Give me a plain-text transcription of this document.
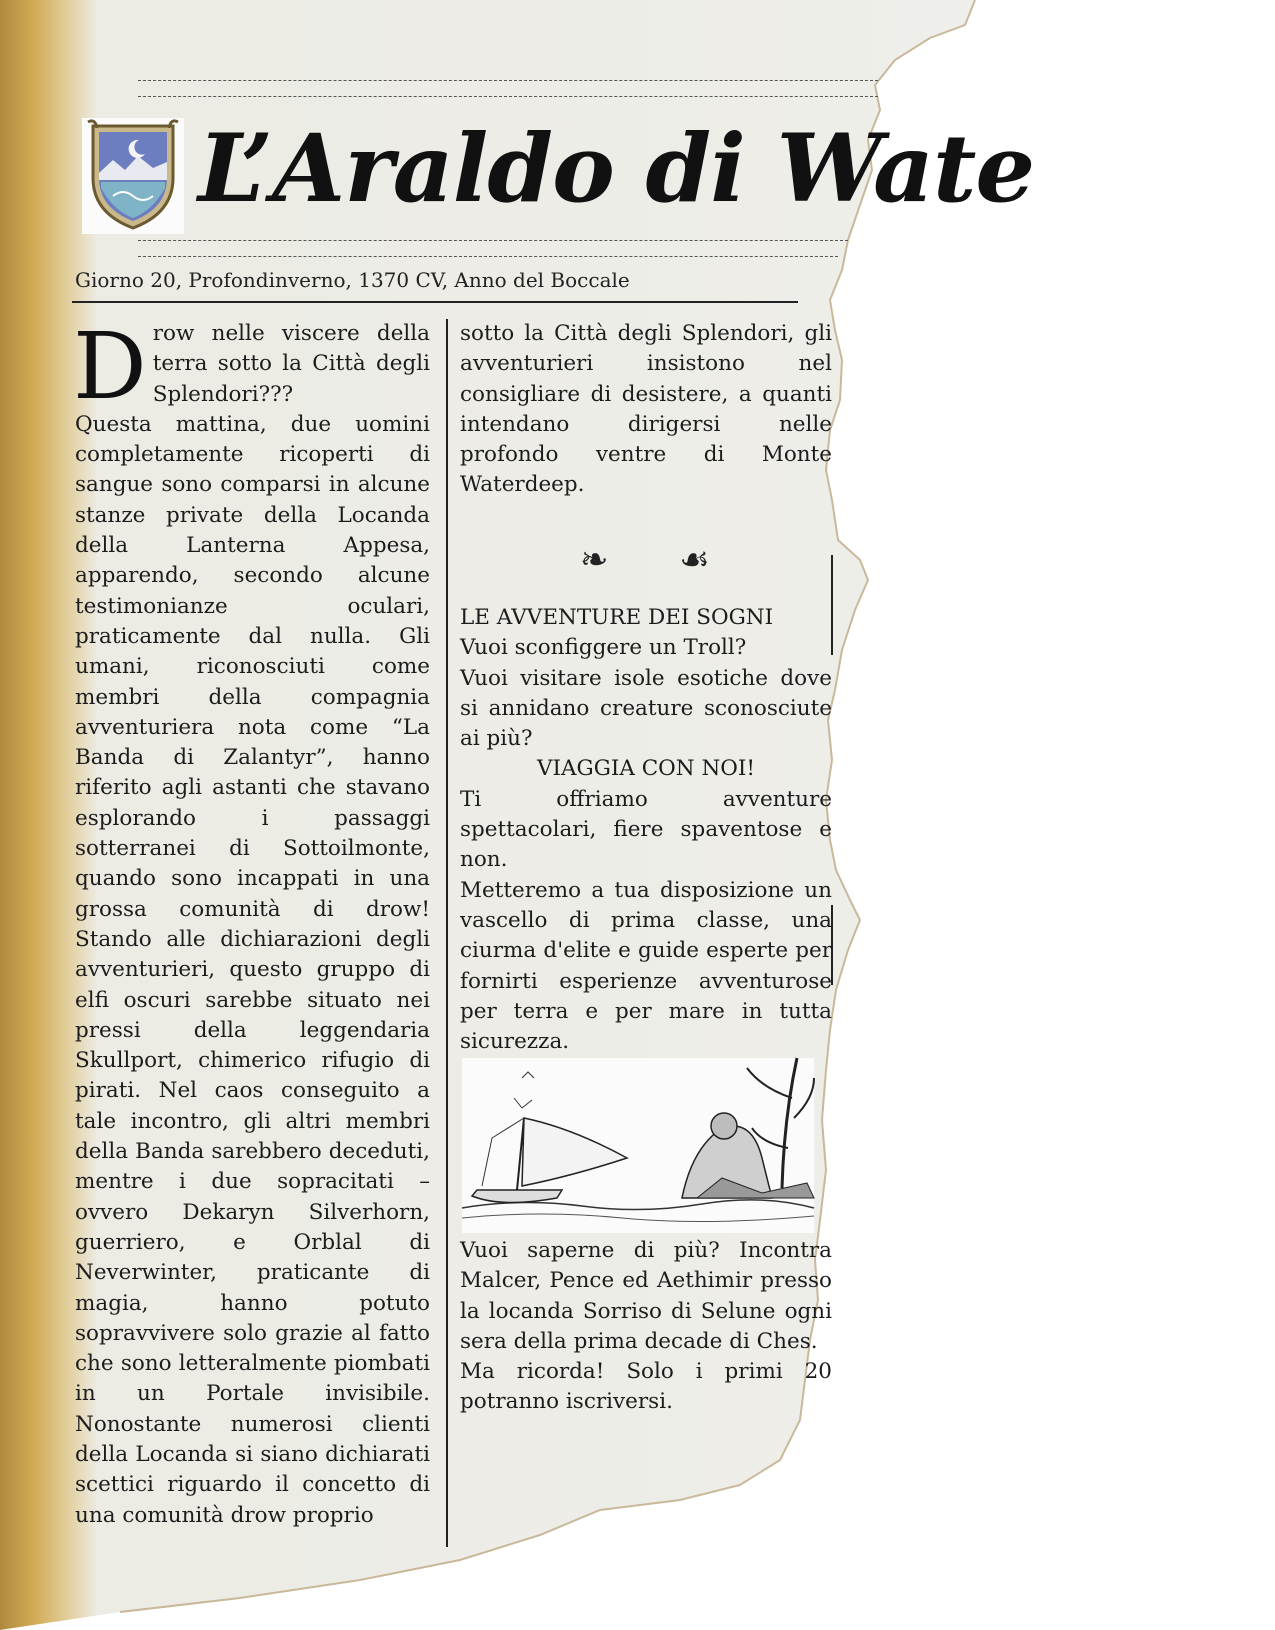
L’Araldo di Wate
Giorno 20, Profondinverno, 1370 CV, Anno del Boccale

Drow nelle viscere della terra sotto la Città degli Splendori???

Questa mattina, due uomini completamente ricoperti di sangue sono comparsi in alcune stanze private della Locanda della Lanterna Appesa, apparendo, secondo alcune testimonianze oculari, praticamente dal nulla. Gli umani, riconosciuti come membri della compagnia avventuriera nota come “La Banda di Zalantyr”, hanno riferito agli astanti che stavano esplorando i passaggi sotterranei di Sottoilmonte, quando sono incappati in una grossa comunità di drow! Stando alle dichiarazioni degli avventurieri, questo gruppo di elfi oscuri sarebbe situato nei pressi della leggendaria Skullport, chimerico rifugio di pirati. Nel caos conseguito a tale incontro, gli altri membri della Banda sarebbero deceduti, mentre i due sopracitati – ovvero Dekaryn Silverhorn, guerriero, e Orblal di Neverwinter, praticante di magia, hanno potuto sopravvivere solo grazie al fatto che sono letteralmente piombati in un Portale invisibile. Nonostante numerosi clienti della Locanda si siano dichiarati scettici riguardo il concetto di una comunità drow proprio

sotto la Città degli Splendori, gli avventurieri insistono nel consigliare di desistere, a quanti intendano dirigersi nelle profondo ventre di Monte Waterdeep.

❧ ☙

LE AVVENTURE DEI SOGNI

Vuoi sconfiggere un Troll?

Vuoi visitare isole esotiche dove si annidano creature sconosciute ai più?

VIAGGIA CON NOI!

Ti offriamo avventure spettacolari, fiere spaventose e non.

Metteremo a tua disposizione un vascello di prima classe, una ciurma d'elite e guide esperte per fornirti esperienze avventurose per terra e per mare in tutta sicurezza.

Vuoi saperne di più? Incontra Malcer, Pence ed Aethimir presso la locanda Sorriso di Selune ogni sera della prima decade di Ches.

Ma ricorda! Solo i primi 20 potranno iscriversi.
